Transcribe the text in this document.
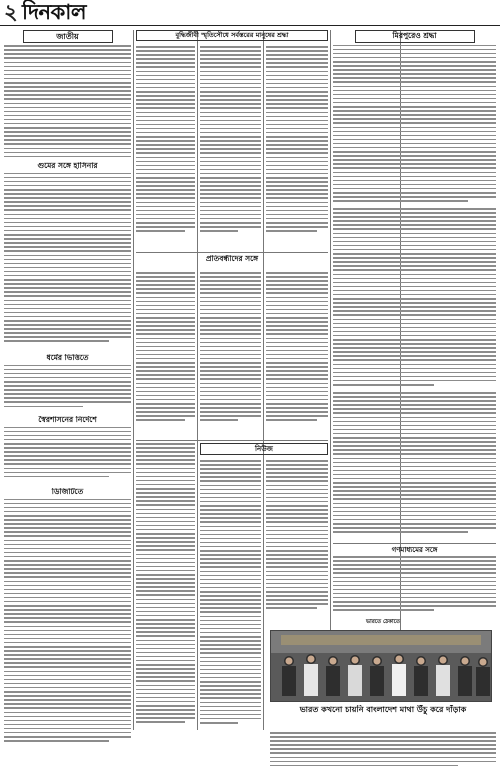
২ দিনকাল
জাতীয়
গুমের সঙ্গে হাসিনার
ধর্মের ভিত্তিতে
স্বৈরশাসনের নির্দেশে
ডিজিটিতে
বুদ্ধিজীবী স্মৃতিসৌধে সর্বস্তরের মানুষের শ্রদ্ধা	মিরপুরেও শ্রদ্ধা
প্রতিবন্ধীদের সঙ্গে
নিউজ
গণমাধ্যমের সঙ্গে
ভারতে ঠেকাতে
ভারত কখনো চায়নি বাংলাদেশ মাথা উঁচু করে দাঁড়াক
